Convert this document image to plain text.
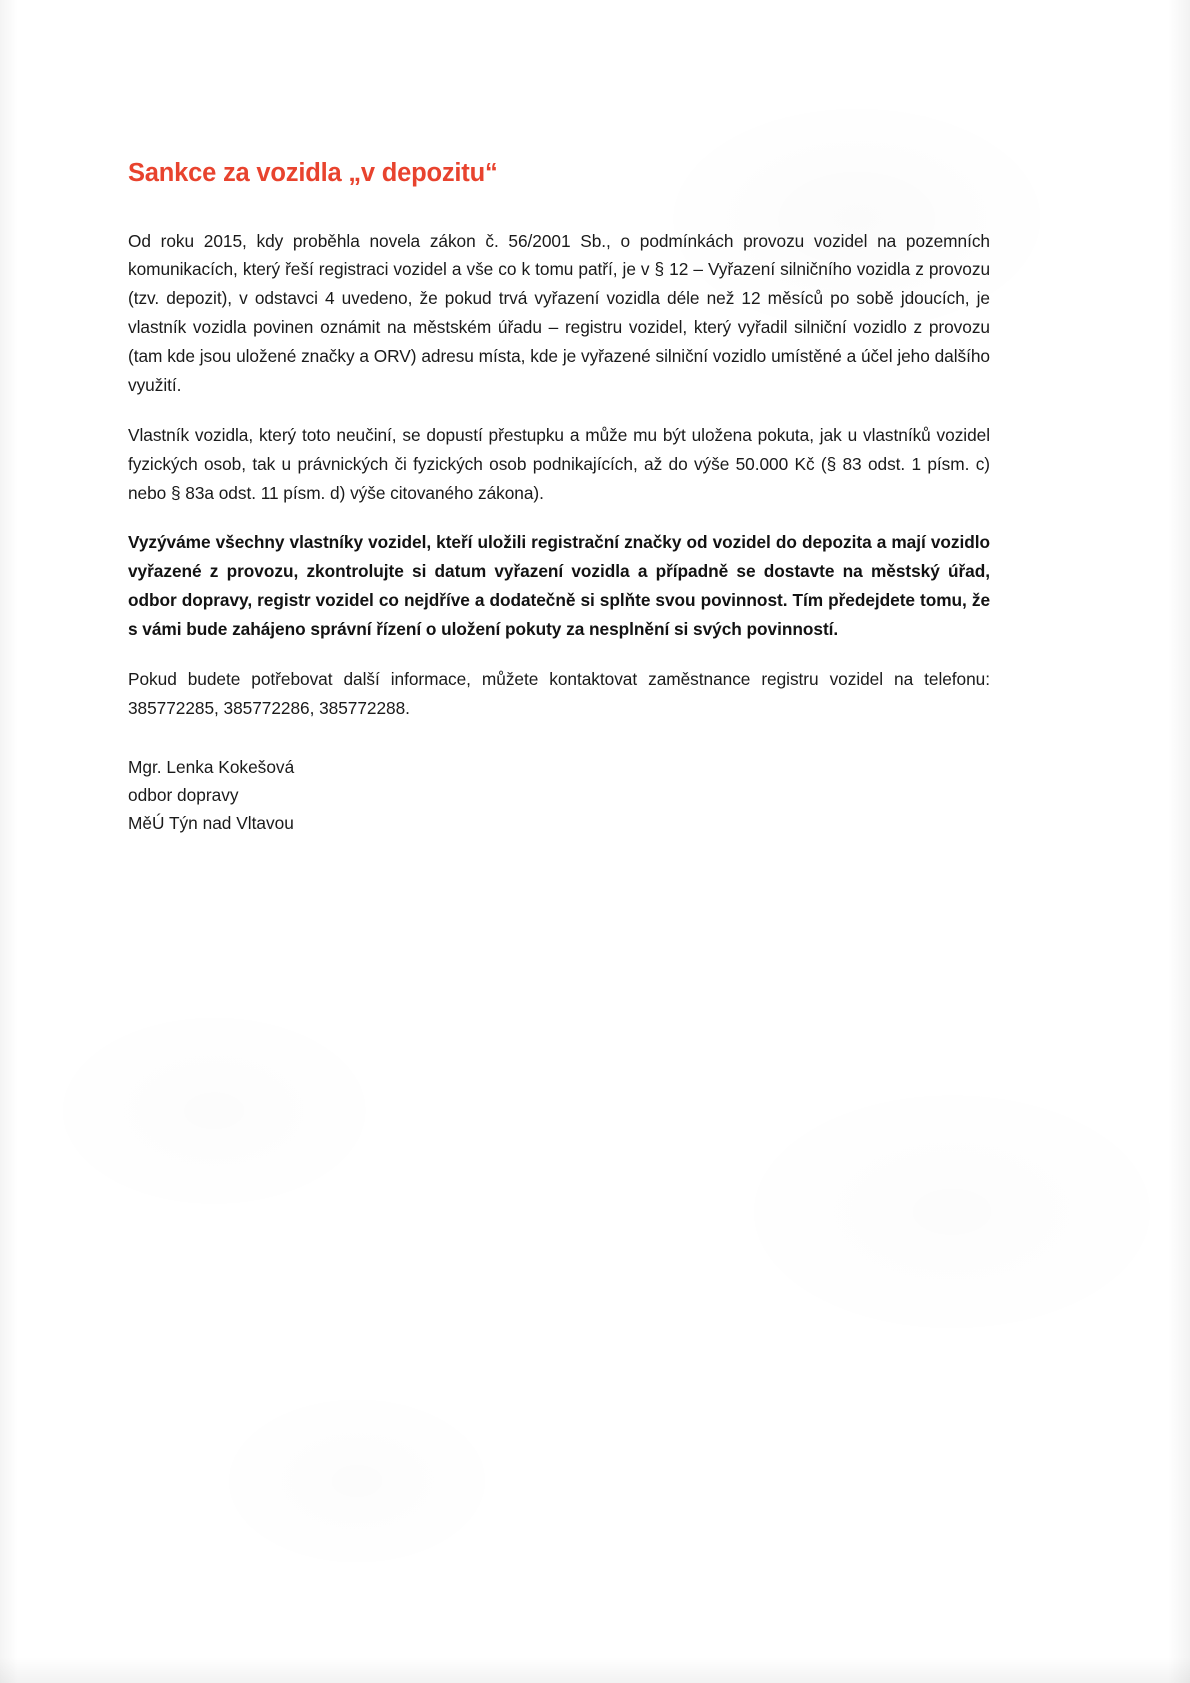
Sankce za vozidla „v depozitu“

Od roku 2015, kdy proběhla novela zákon č. 56/2001 Sb., o podmínkách provozu vozidel na pozemních komunikacích, který řeší registraci vozidel a vše co k tomu patří, je v § 12 – Vyřazení silničního vozidla z provozu (tzv. depozit), v odstavci 4 uvedeno, že pokud trvá vyřazení vozidla déle než 12 měsíců po sobě jdoucích, je vlastník vozidla povinen oznámit na městském úřadu – registru vozidel, který vyřadil silniční vozidlo z provozu (tam kde jsou uložené značky a ORV) adresu místa, kde je vyřazené silniční vozidlo umístěné a účel jeho dalšího využití.

Vlastník vozidla, který toto neučiní, se dopustí přestupku a může mu být uložena pokuta, jak u vlastníků vozidel fyzických osob, tak u právnických či fyzických osob podnikajících, až do výše 50.000 Kč (§ 83 odst. 1 písm. c) nebo § 83a odst. 11 písm. d) výše citovaného zákona).

Vyzýváme všechny vlastníky vozidel, kteří uložili registrační značky od vozidel do depozita a mají vozidlo vyřazené z provozu, zkontrolujte si datum vyřazení vozidla a případně se dostavte na městský úřad, odbor dopravy, registr vozidel co nejdříve a dodatečně si splňte svou povinnost. Tím předejdete tomu, že s vámi bude zahájeno správní řízení o uložení pokuty za nesplnění si svých povinností.

Pokud budete potřebovat další informace, můžete kontaktovat zaměstnance registru vozidel na telefonu: 385772285, 385772286, 385772288.

Mgr. Lenka Kokešová
odbor dopravy
MěÚ Týn nad Vltavou
